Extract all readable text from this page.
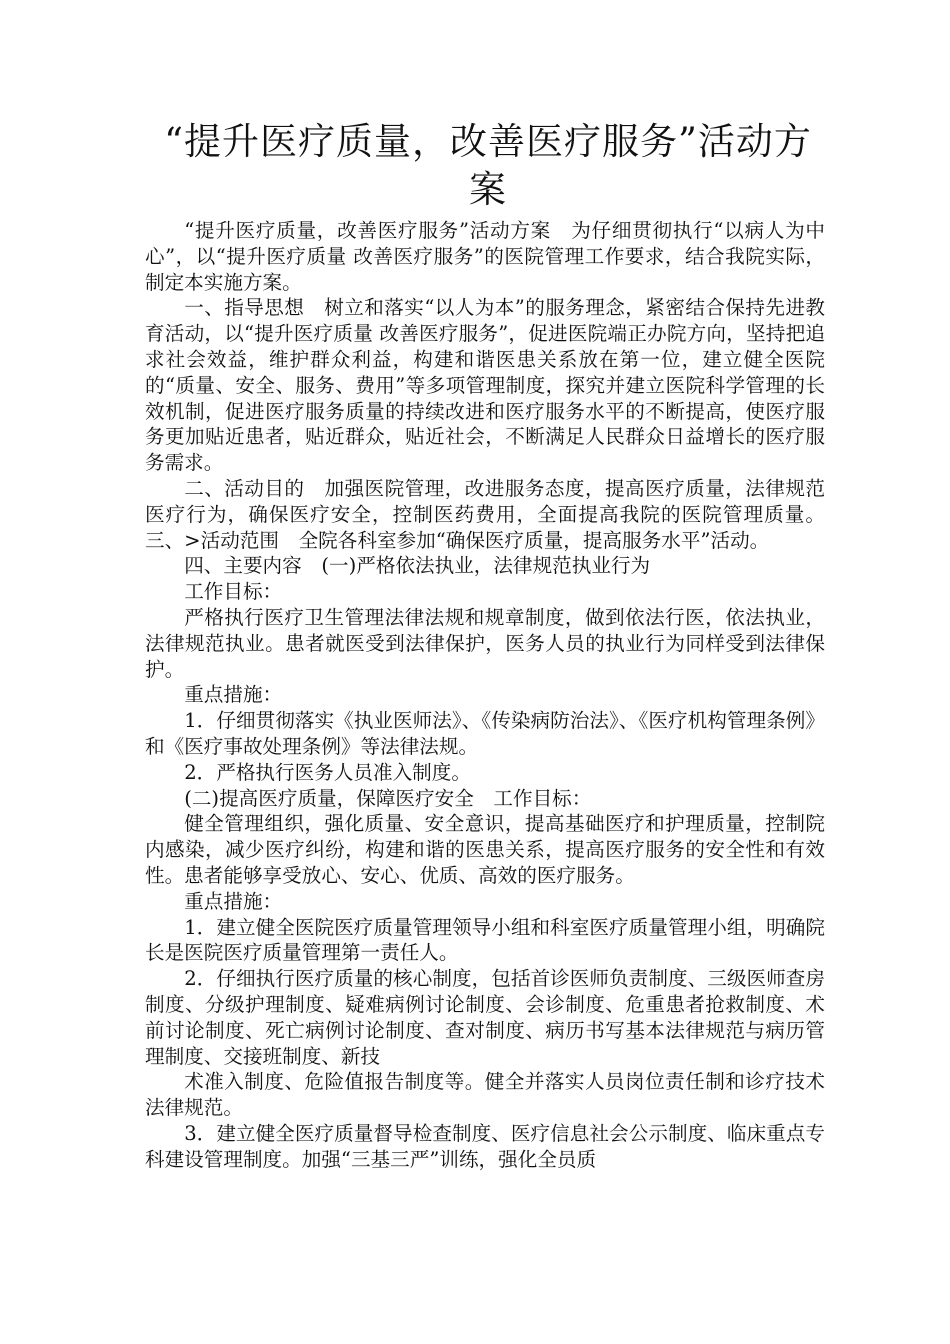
“提升医疗质量，改善医疗服务”活动方案

“提升医疗质量，改善医疗服务”活动方案　为仔细贯彻执行“以病人为中心”，以“提升医疗质量 改善医疗服务”的医院管理工作要求，结合我院实际，制定本实施方案。

一、指导思想　树立和落实“以人为本”的服务理念，紧密结合保持先进教育活动，以“提升医疗质量 改善医疗服务”，促进医院端正办院方向，坚持把追求社会效益，维护群众利益，构建和谐医患关系放在第一位，建立健全医院的“质量、安全、服务、费用”等多项管理制度，探究并建立医院科学管理的长效机制，促进医疗服务质量的持续改进和医疗服务水平的不断提高，使医疗服务更加贴近患者，贴近群众，贴近社会，不断满足人民群众日益增长的医疗服务需求。

二、活动目的　加强医院管理，改进服务态度，提高医疗质量，法律规范医疗行为，确保医疗安全，控制医药费用，全面提高我院的医院管理质量。三、>活动范围　全院各科室参加“确保医疗质量，提高服务水平”活动。

四、主要内容　(一)严格依法执业，法律规范执业行为

工作目标：

严格执行医疗卫生管理法律法规和规章制度，做到依法行医，依法执业，法律规范执业。患者就医受到法律保护，医务人员的执业行为同样受到法律保护。

重点措施：

1．仔细贯彻落实《执业医师法》、《传染病防治法》、《医疗机构管理条例》和《医疗事故处理条例》等法律法规。

2．严格执行医务人员准入制度。

(二)提高医疗质量，保障医疗安全　工作目标：

健全管理组织，强化质量、安全意识，提高基础医疗和护理质量，控制院内感染，减少医疗纠纷，构建和谐的医患关系，提高医疗服务的安全性和有效性。患者能够享受放心、安心、优质、高效的医疗服务。

重点措施：

1．建立健全医院医疗质量管理领导小组和科室医疗质量管理小组，明确院长是医院医疗质量管理第一责任人。

2．仔细执行医疗质量的核心制度，包括首诊医师负责制度、三级医师查房制度、分级护理制度、疑难病例讨论制度、会诊制度、危重患者抢救制度、术前讨论制度、死亡病例讨论制度、查对制度、病历书写基本法律规范与病历管理制度、交接班制度、新技

术准入制度、危险值报告制度等。健全并落实人员岗位责任制和诊疗技术法律规范。

3．建立健全医疗质量督导检查制度、医疗信息社会公示制度、临床重点专科建设管理制度。加强“三基三严”训练，强化全员质
